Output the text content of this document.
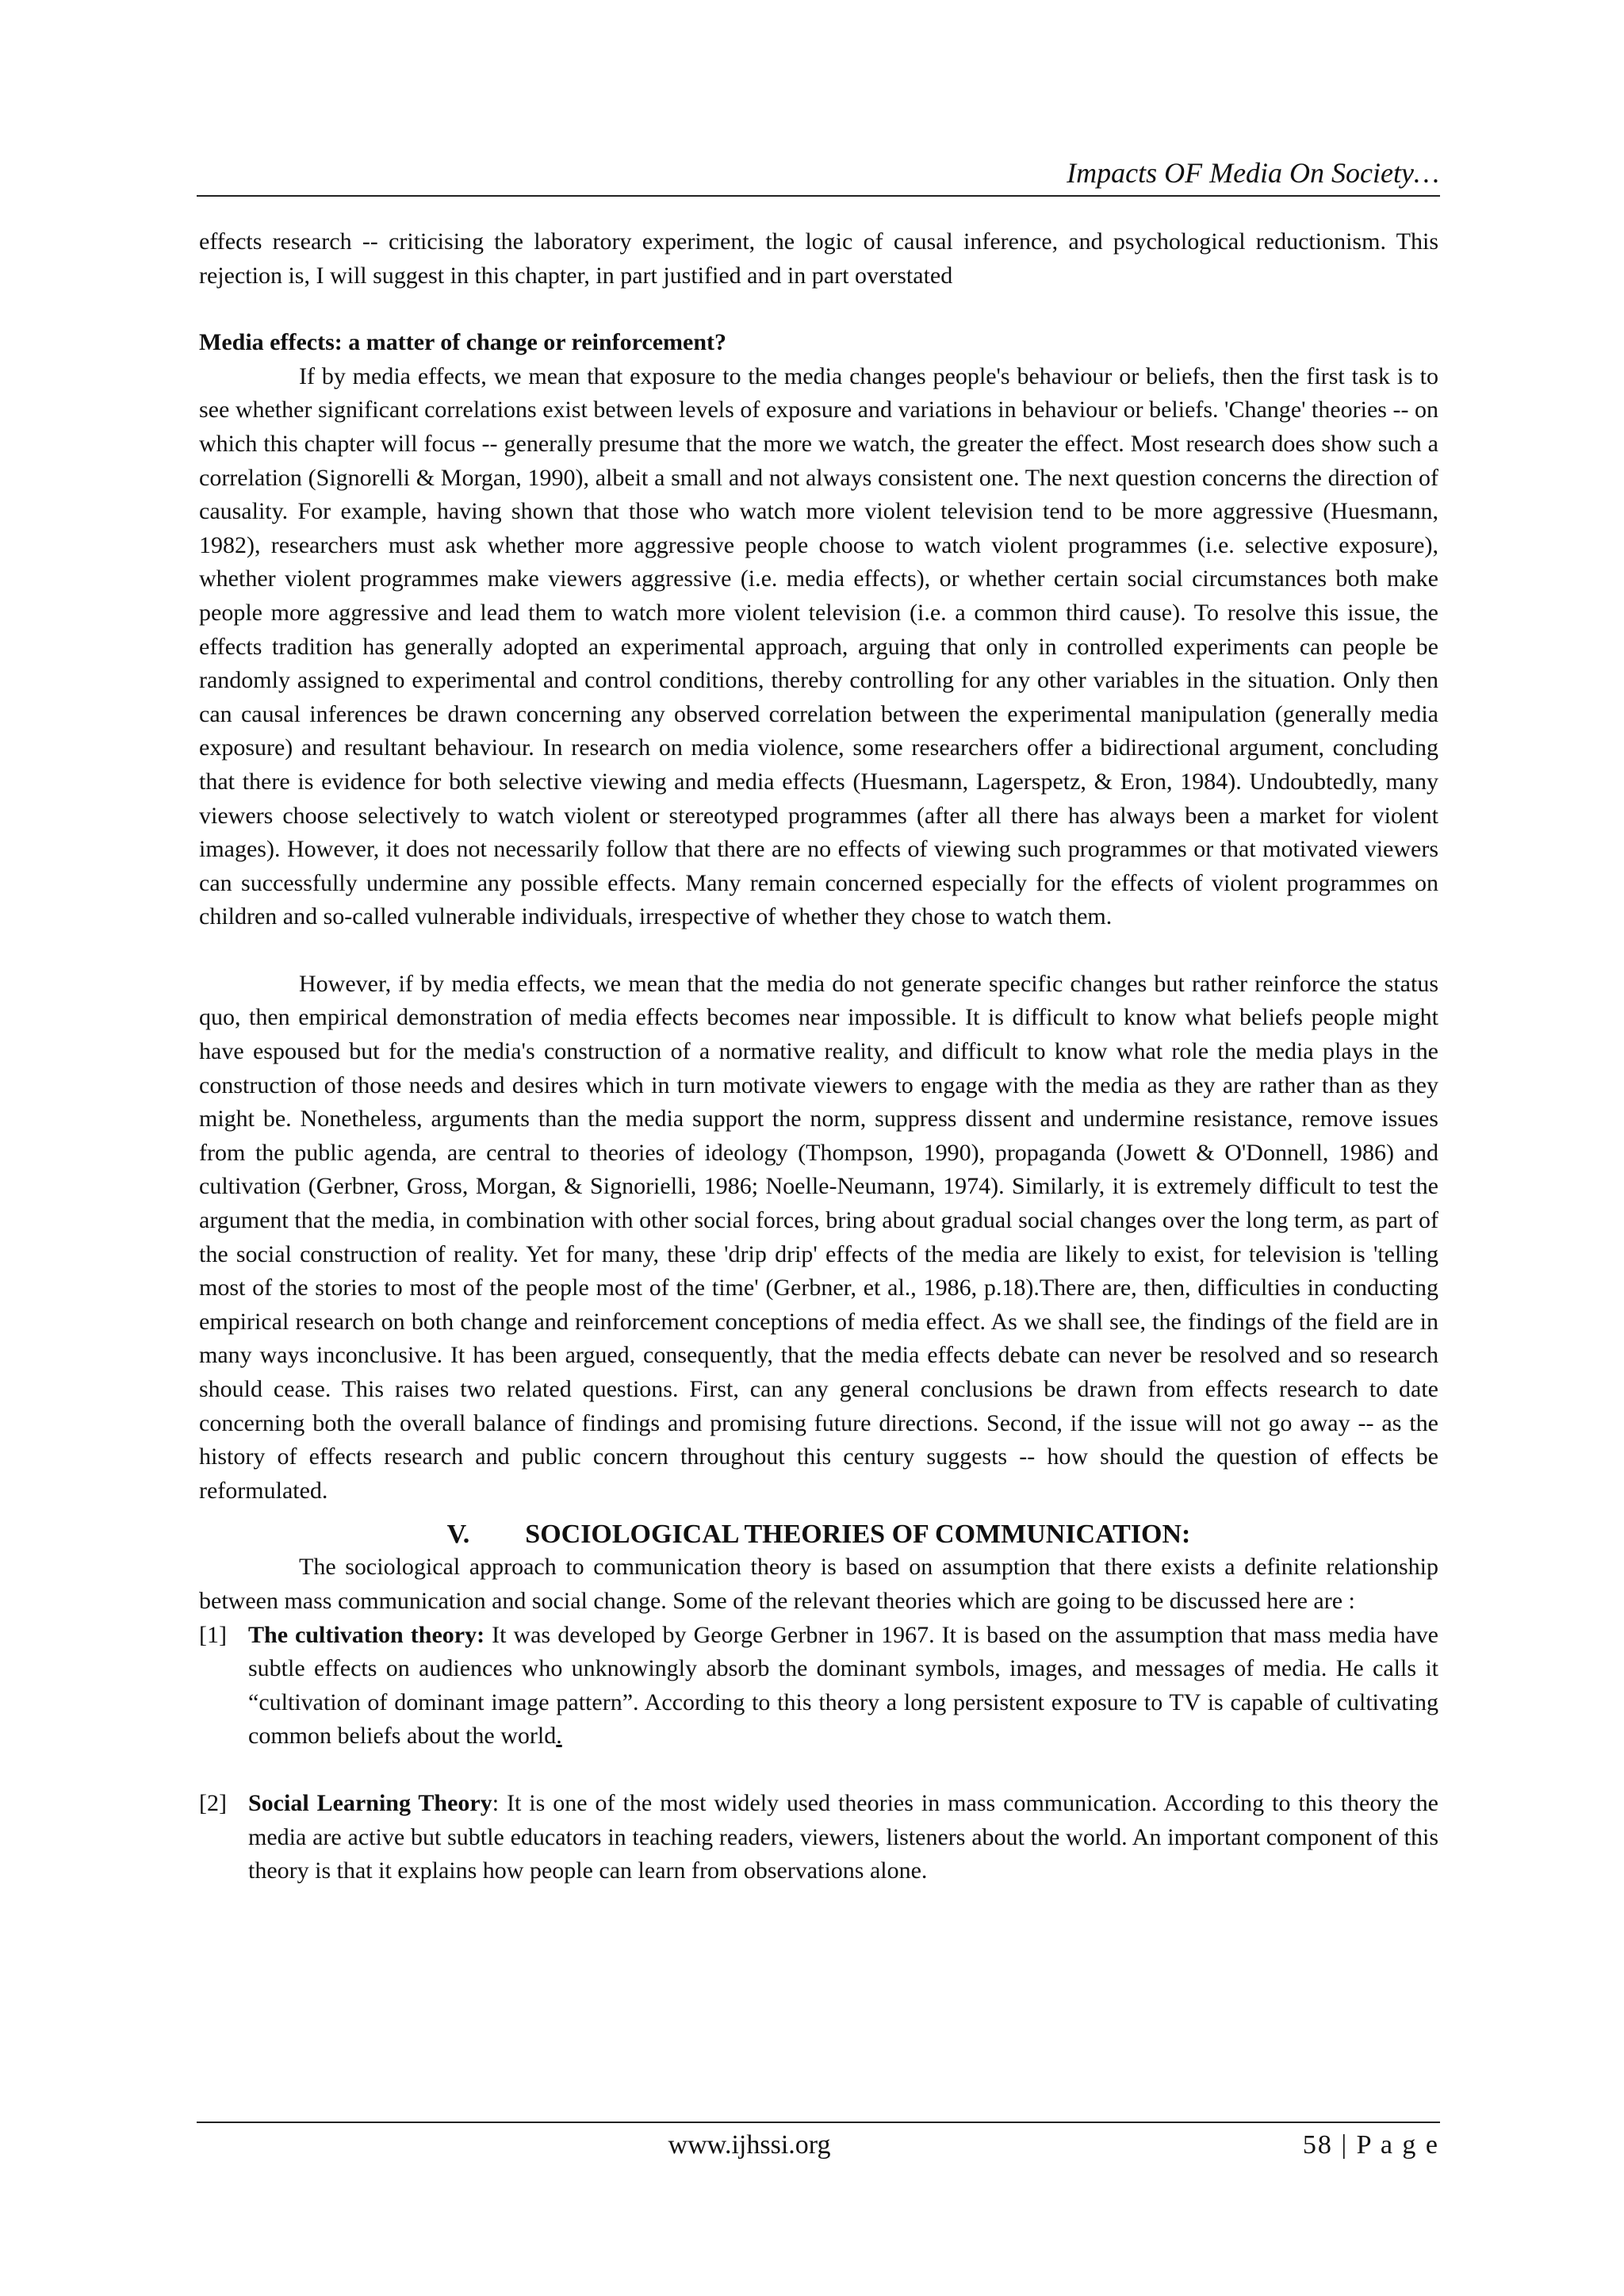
Impacts OF Media On Society…

effects research -- criticising the laboratory experiment, the logic of causal inference, and psychological reductionism. This rejection is, I will suggest in this chapter, in part justified and in part overstated

Media effects: a matter of change or reinforcement?

If by media effects, we mean that exposure to the media changes people's behaviour or beliefs, then the first task is to see whether significant correlations exist between levels of exposure and variations in behaviour or beliefs. 'Change' theories -- on which this chapter will focus -- generally presume that the more we watch, the greater the effect. Most research does show such a correlation (Signorelli & Morgan, 1990), albeit a small and not always consistent one. The next question concerns the direction of causality. For example, having shown that those who watch more violent television tend to be more aggressive (Huesmann, 1982), researchers must ask whether more aggressive people choose to watch violent programmes (i.e. selective exposure), whether violent programmes make viewers aggressive (i.e. media effects), or whether certain social circumstances both make people more aggressive and lead them to watch more violent television (i.e. a common third cause). To resolve this issue, the effects tradition has generally adopted an experimental approach, arguing that only in controlled experiments can people be randomly assigned to experimental and control conditions, thereby controlling for any other variables in the situation. Only then can causal inferences be drawn concerning any observed correlation between the experimental manipulation (generally media exposure) and resultant behaviour. In research on media violence, some researchers offer a bidirectional argument, concluding that there is evidence for both selective viewing and media effects (Huesmann, Lagerspetz, & Eron, 1984). Undoubtedly, many viewers choose selectively to watch violent or stereotyped programmes (after all there has always been a market for violent images). However, it does not necessarily follow that there are no effects of viewing such programmes or that motivated viewers can successfully undermine any possible effects. Many remain concerned especially for the effects of violent programmes on children and so-called vulnerable individuals, irrespective of whether they chose to watch them.

However, if by media effects, we mean that the media do not generate specific changes but rather reinforce the status quo, then empirical demonstration of media effects becomes near impossible. It is difficult to know what beliefs people might have espoused but for the media's construction of a normative reality, and difficult to know what role the media plays in the construction of those needs and desires which in turn motivate viewers to engage with the media as they are rather than as they might be. Nonetheless, arguments than the media support the norm, suppress dissent and undermine resistance, remove issues from the public agenda, are central to theories of ideology (Thompson, 1990), propaganda (Jowett & O'Donnell, 1986) and cultivation (Gerbner, Gross, Morgan, & Signorielli, 1986; Noelle-Neumann, 1974). Similarly, it is extremely difficult to test the argument that the media, in combination with other social forces, bring about gradual social changes over the long term, as part of the social construction of reality. Yet for many, these 'drip drip' effects of the media are likely to exist, for television is 'telling most of the stories to most of the people most of the time' (Gerbner, et al., 1986, p.18).There are, then, difficulties in conducting empirical research on both change and reinforcement conceptions of media effect. As we shall see, the findings of the field are in many ways inconclusive. It has been argued, consequently, that the media effects debate can never be resolved and so research should cease. This raises two related questions. First, can any general conclusions be drawn from effects research to date concerning both the overall balance of findings and promising future directions. Second, if the issue will not go away -- as the history of effects research and public concern throughout this century suggests -- how should the question of effects be reformulated.

V. SOCIOLOGICAL THEORIES OF COMMUNICATION:

The sociological approach to communication theory is based on assumption that there exists a definite relationship between mass communication and social change. Some of the relevant theories which are going to be discussed here are :

[1] The cultivation theory: It was developed by George Gerbner in 1967. It is based on the assumption that mass media have subtle effects on audiences who unknowingly absorb the dominant symbols, images, and messages of media. He calls it “cultivation of dominant image pattern”. According to this theory a long persistent exposure to TV is capable of cultivating common beliefs about the world.

[2] Social Learning Theory: It is one of the most widely used theories in mass communication. According to this theory the media are active but subtle educators in teaching readers, viewers, listeners about the world. An important component of this theory is that it explains how people can learn from observations alone.

www.ijhssi.org	58 | P a g e
